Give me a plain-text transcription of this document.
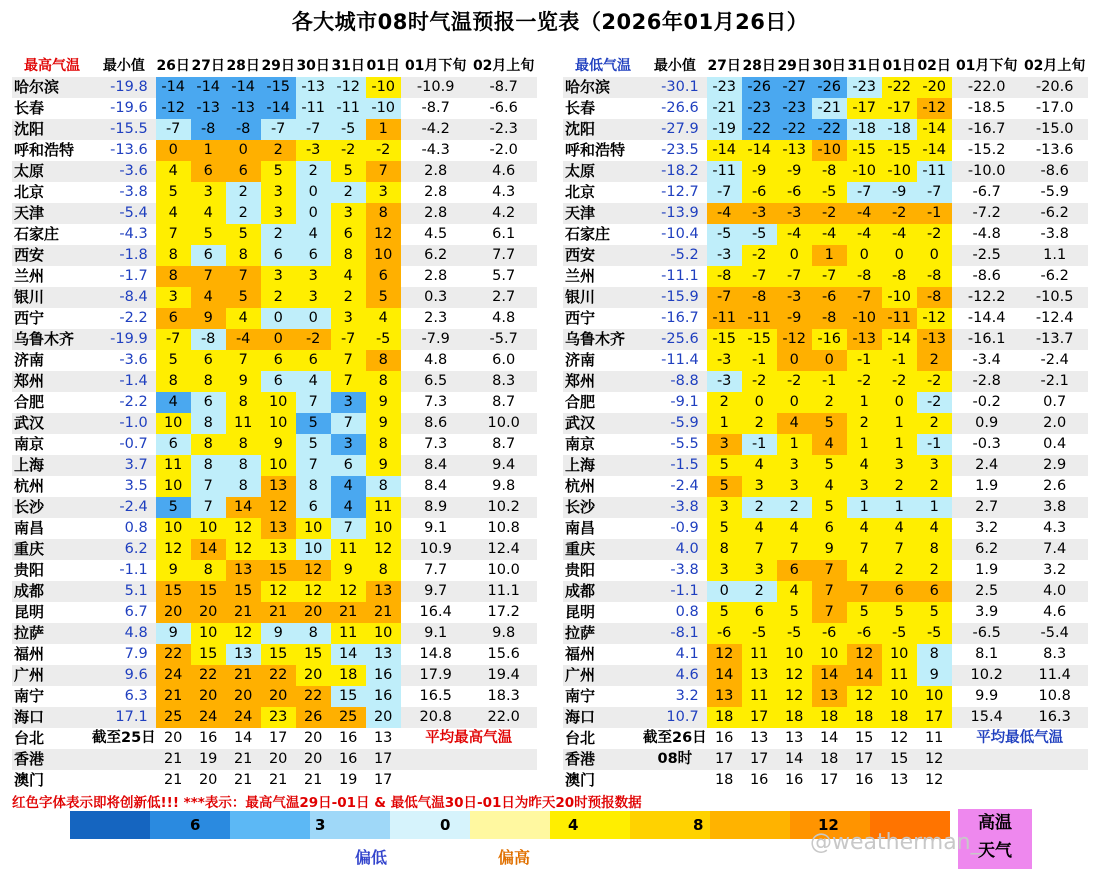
各大城市08时气温预报一览表（2026年01月26日）
最高气温	最小值	26日	27日	28日	29日	30日	31日	01日	01月下旬	02月上旬
哈尔滨	-19.8	-14	-14	-14	-15	-13	-12	-10	-10.9	-8.7
长春	-19.6	-12	-13	-13	-14	-11	-11	-10	-8.7	-6.6
沈阳	-15.5	-7	-8	-8	-7	-7	-5	1	-4.2	-2.3
呼和浩特	-13.6	0	1	0	2	-3	-2	-2	-4.3	-2.0
太原	-3.6	4	6	6	5	2	5	7	2.8	4.6
北京	-3.8	5	3	2	3	0	2	3	2.8	4.3
天津	-5.4	4	4	2	3	0	3	8	2.8	4.2
石家庄	-4.3	7	5	5	2	4	6	12	4.5	6.1
西安	-1.8	8	6	8	6	6	8	10	6.2	7.7
兰州	-1.7	8	7	7	3	3	4	6	2.8	5.7
银川	-8.4	3	4	5	2	3	2	5	0.3	2.7
西宁	-2.2	6	9	4	0	0	3	4	2.3	4.8
乌鲁木齐	-19.9	-7	-8	-4	0	-2	-7	-5	-7.9	-5.7
济南	-3.6	5	6	7	6	6	7	8	4.8	6.0
郑州	-1.4	8	8	9	6	4	7	8	6.5	8.3
合肥	-2.2	4	6	8	10	7	3	9	7.3	8.7
武汉	-1.0	10	8	11	10	5	7	9	8.6	10.0
南京	-0.7	6	8	8	9	5	3	8	7.3	8.7
上海	3.7	11	8	8	10	7	6	9	8.4	9.4
杭州	3.5	10	7	8	13	8	4	8	8.4	9.8
长沙	-2.4	5	7	14	12	6	4	11	8.9	10.2
南昌	0.8	10	10	12	13	10	7	10	9.1	10.8
重庆	6.2	12	14	12	13	10	11	12	10.9	12.4
贵阳	-1.1	9	8	13	15	12	9	8	7.7	10.0
成都	5.1	15	15	15	12	12	12	13	9.7	11.1
昆明	6.7	20	20	21	21	20	21	21	16.4	17.2
拉萨	4.8	9	10	12	9	8	11	10	9.1	9.8
福州	7.9	22	15	13	15	15	14	13	14.8	15.6
广州	9.6	24	22	21	22	20	18	16	17.9	19.4
南宁	6.3	21	20	20	20	22	15	16	16.5	18.3
海口	17.1	25	24	24	23	26	25	20	20.8	22.0
台北	截至25日	20	16	14	17	20	16	13	平均最高气温	
香港		21	19	21	20	20	16	17		
澳门		21	20	21	21	21	19	17		
最低气温	最小值	27日	28日	29日	30日	31日	01日	02日	01月下旬	02月上旬
哈尔滨	-30.1	-23	-26	-27	-26	-23	-22	-20	-22.0	-20.6
长春	-26.6	-21	-23	-23	-21	-17	-17	-12	-18.5	-17.0
沈阳	-27.9	-19	-22	-22	-22	-18	-18	-14	-16.7	-15.0
呼和浩特	-23.5	-14	-14	-13	-10	-15	-15	-14	-15.2	-13.6
太原	-18.2	-11	-9	-9	-8	-10	-10	-11	-10.0	-8.6
北京	-12.7	-7	-6	-6	-5	-7	-9	-7	-6.7	-5.9
天津	-13.9	-4	-3	-3	-2	-4	-2	-1	-7.2	-6.2
石家庄	-10.4	-5	-5	-4	-4	-4	-4	-2	-4.8	-3.8
西安	-5.2	-3	-2	0	1	0	0	0	-2.5	1.1
兰州	-11.1	-8	-7	-7	-7	-8	-8	-8	-8.6	-6.2
银川	-15.9	-7	-8	-3	-6	-7	-10	-8	-12.2	-10.5
西宁	-16.7	-11	-11	-9	-8	-10	-11	-12	-14.4	-12.4
乌鲁木齐	-25.6	-15	-15	-12	-16	-13	-14	-13	-16.1	-13.7
济南	-11.4	-3	-1	0	0	-1	-1	2	-3.4	-2.4
郑州	-8.8	-3	-2	-2	-1	-2	-2	-2	-2.8	-2.1
合肥	-9.1	2	0	0	2	1	0	-2	-0.2	0.7
武汉	-5.9	1	2	4	5	2	1	2	0.9	2.0
南京	-5.5	3	-1	1	4	1	1	-1	-0.3	0.4
上海	-1.5	5	4	3	5	4	3	3	2.4	2.9
杭州	-2.4	5	3	3	4	3	2	2	1.9	2.6
长沙	-3.8	3	2	2	5	1	1	1	2.7	3.8
南昌	-0.9	5	4	4	6	4	4	4	3.2	4.3
重庆	4.0	8	7	7	9	7	7	8	6.2	7.4
贵阳	-3.8	3	3	6	7	4	2	2	1.9	3.2
成都	-1.1	0	2	4	7	7	6	6	2.5	4.0
昆明	0.8	5	6	5	7	5	5	5	3.9	4.6
拉萨	-8.1	-6	-5	-5	-6	-6	-5	-5	-6.5	-5.4
福州	4.1	12	11	10	10	12	10	8	8.1	8.3
广州	4.6	14	13	12	14	14	11	9	10.2	11.4
南宁	3.2	13	11	12	13	12	10	10	9.9	10.8
海口	10.7	18	17	18	18	18	18	17	15.4	16.3
台北	截至26日	16	13	13	14	15	12	11	平均最低气温	
香港	08时	17	17	14	18	17	15	12		
澳门		18	16	16	17	16	13	12		
红色字体表示即将创新低!!! ***表示：最高气温29日-01日 & 最低气温30日-01日为昨天20时预报数据
6	3	0	4	8	12
偏低	偏高
高温
天气
@weatherman_
